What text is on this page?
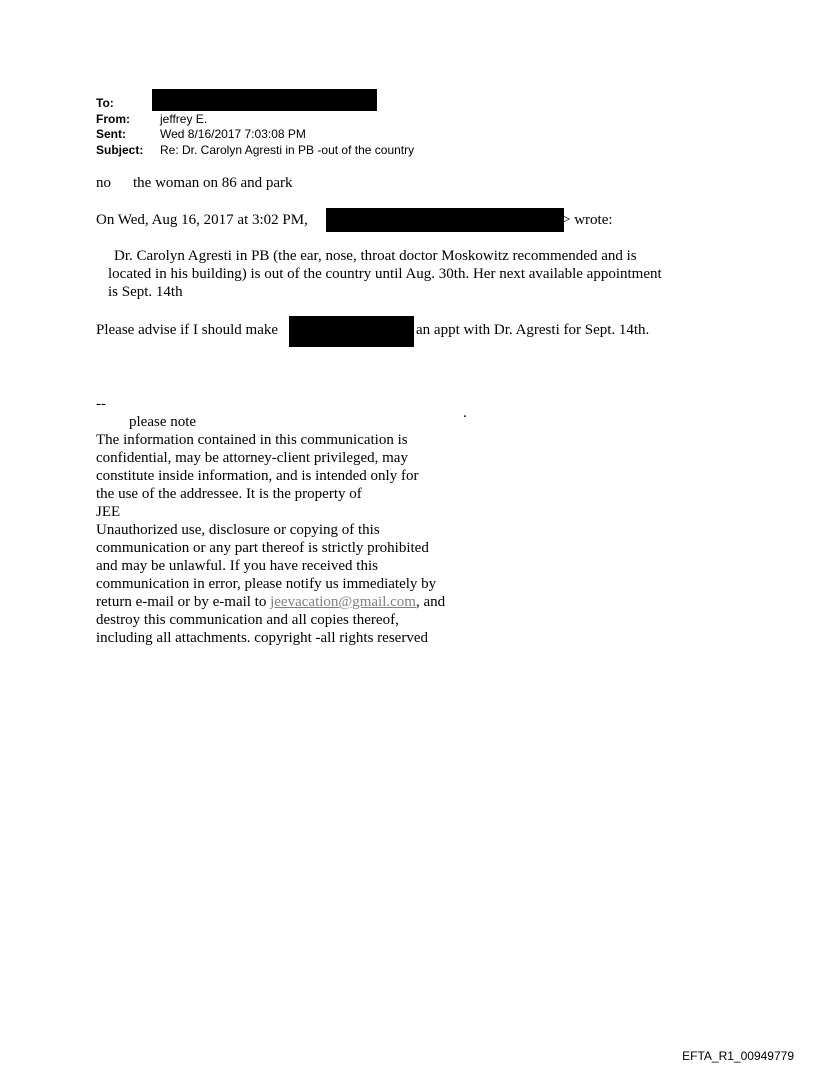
To:
From:	jeffrey E.
Sent:	Wed 8/16/2017 7:03:08 PM
Subject: Re: Dr. Carolyn Agresti in PB -out of the country
no the woman on 86 and park
On Wed, Aug 16, 2017 at 3:02 PM,	> wrote:
Dr. Carolyn Agresti in PB (the ear, nose, throat doctor Moskowitz recommended and is
located in his building) is out of the country until Aug. 30th. Her next available appointment
is Sept. 14th
Please advise if I should make	an appt with Dr. Agresti for Sept. 14th.
--
please note
.
The information contained in this communication is
confidential, may be attorney-client privileged, may
constitute inside information, and is intended only for
the use of the addressee. It is the property of
JEE
Unauthorized use, disclosure or copying of this
communication or any part thereof is strictly prohibited
and may be unlawful. If you have received this
communication in error, please notify us immediately by
return e-mail or by e-mail to jeevacation@gmail.com, and
destroy this communication and all copies thereof,
including all attachments. copyright -all rights reserved
EFTA_R1_00949779
